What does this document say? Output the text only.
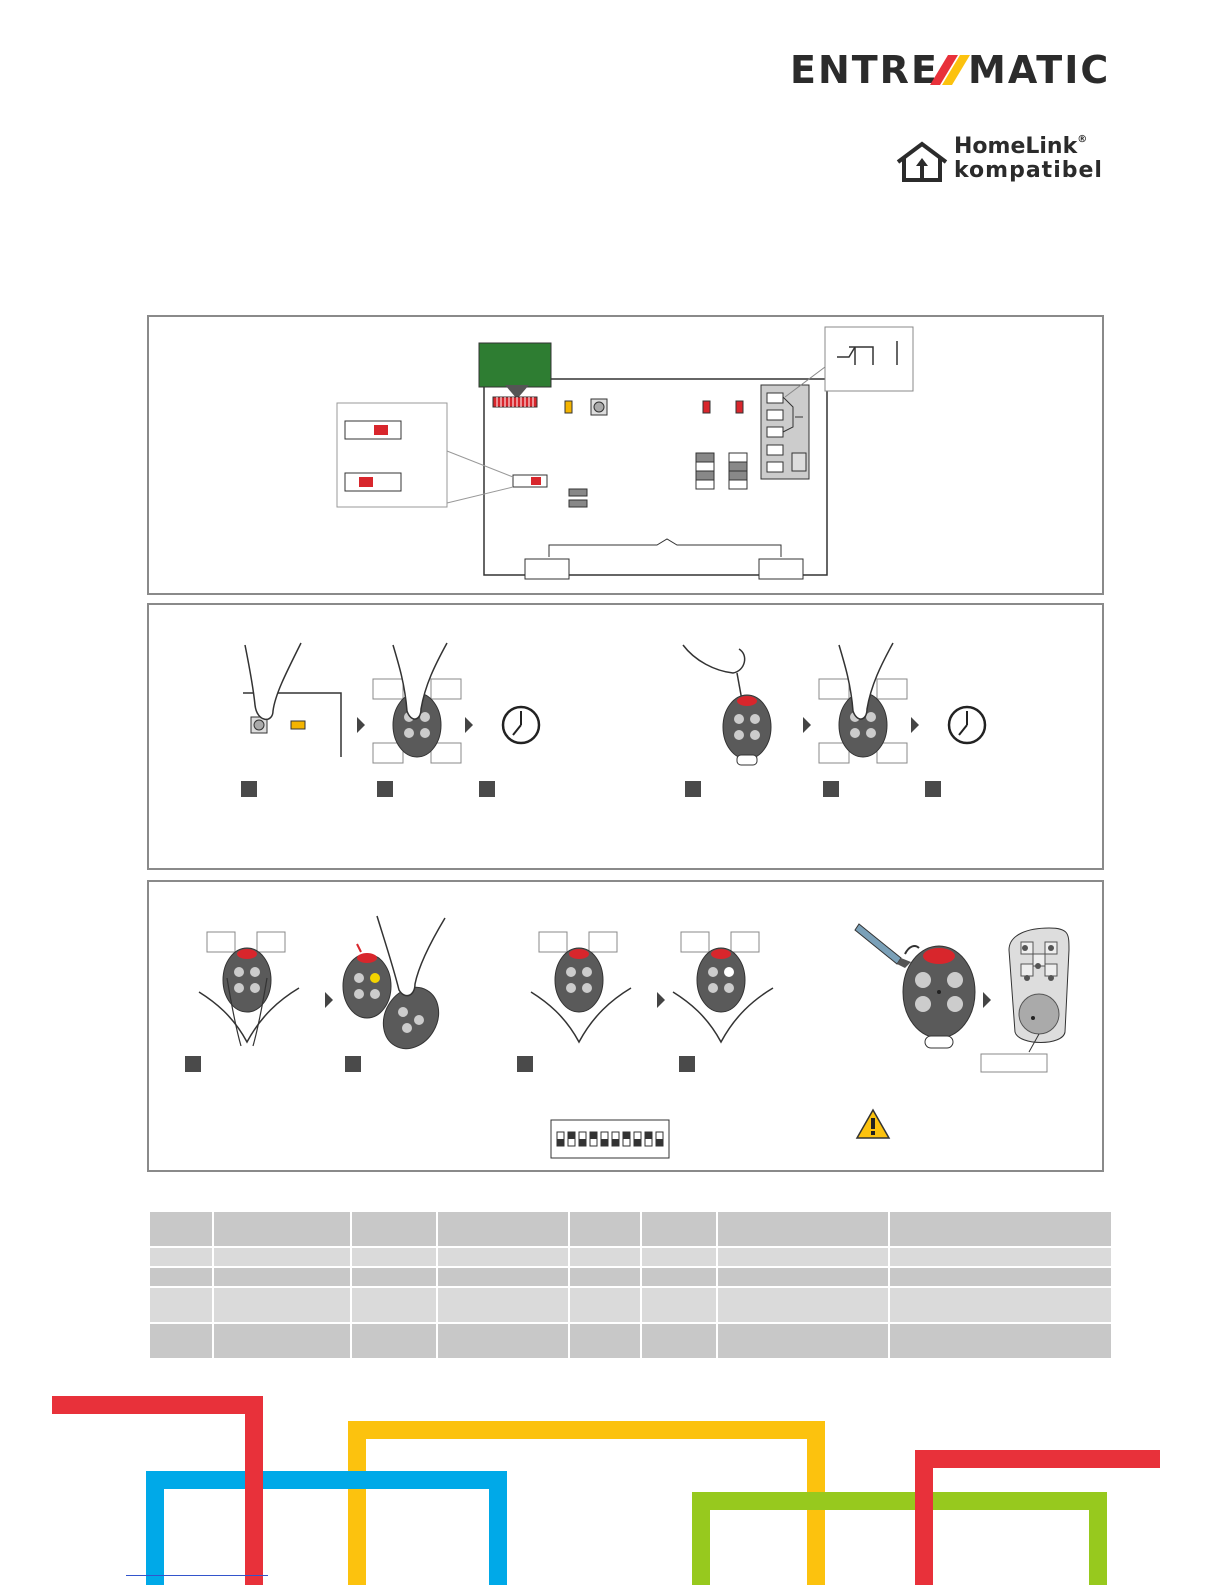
ENTRE MATIC
HomeLink®
kompatibel
